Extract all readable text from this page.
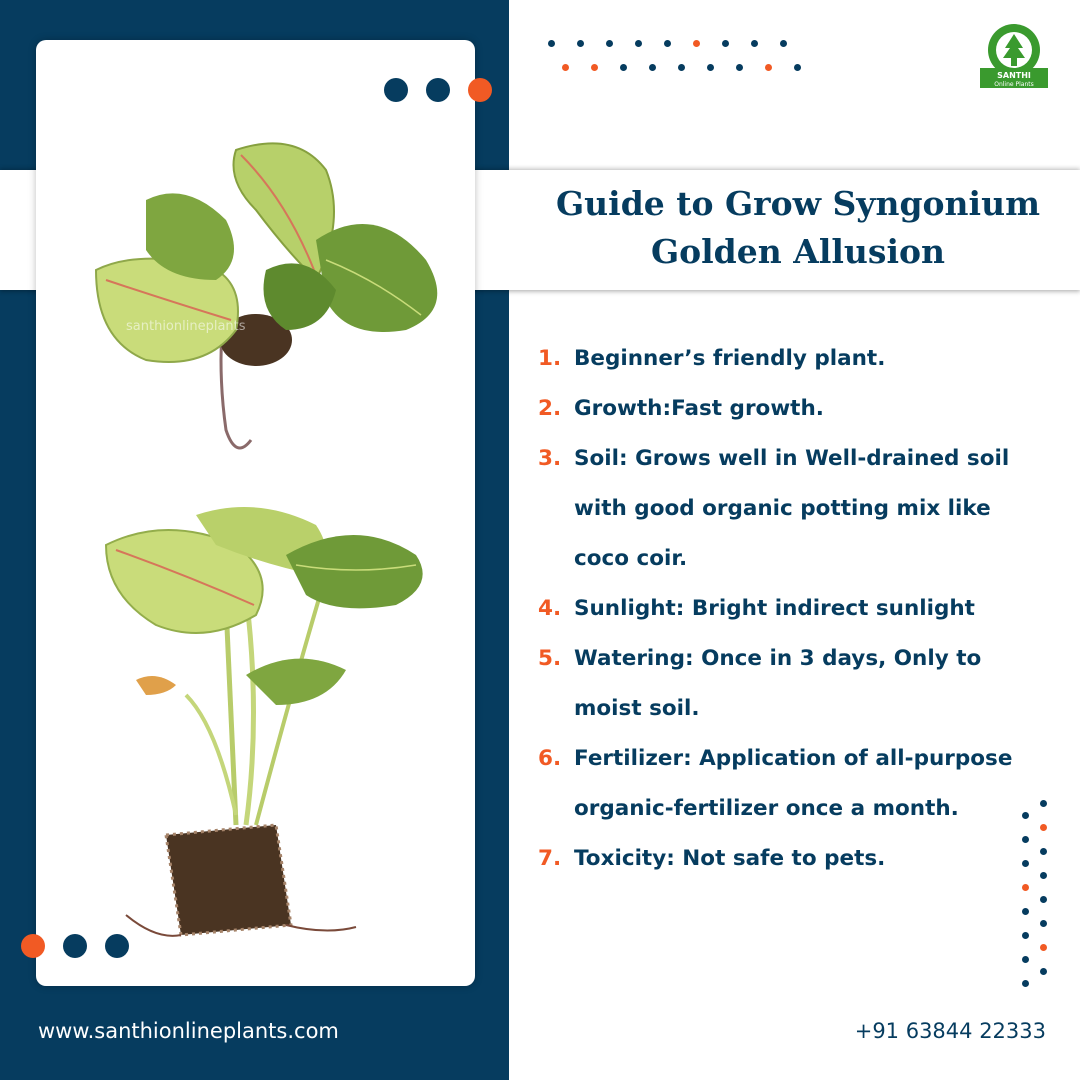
santhionlineplants
SANTHI
Online Plants
Guide to Grow Syngonium
Golden Allusion
1. Beginner’s friendly plant.
2. Growth:Fast growth.
3. Soil: Grows well in Well-drained soil with good organic potting mix like coco coir.
4. Sunlight: Bright indirect sunlight
5. Watering: Once in 3 days, Only to moist soil.
6. Fertilizer: Application of all-purpose organic-fertilizer once a month.
7. Toxicity: Not safe to pets.
www.santhionlineplants.com	+91 63844 22333
